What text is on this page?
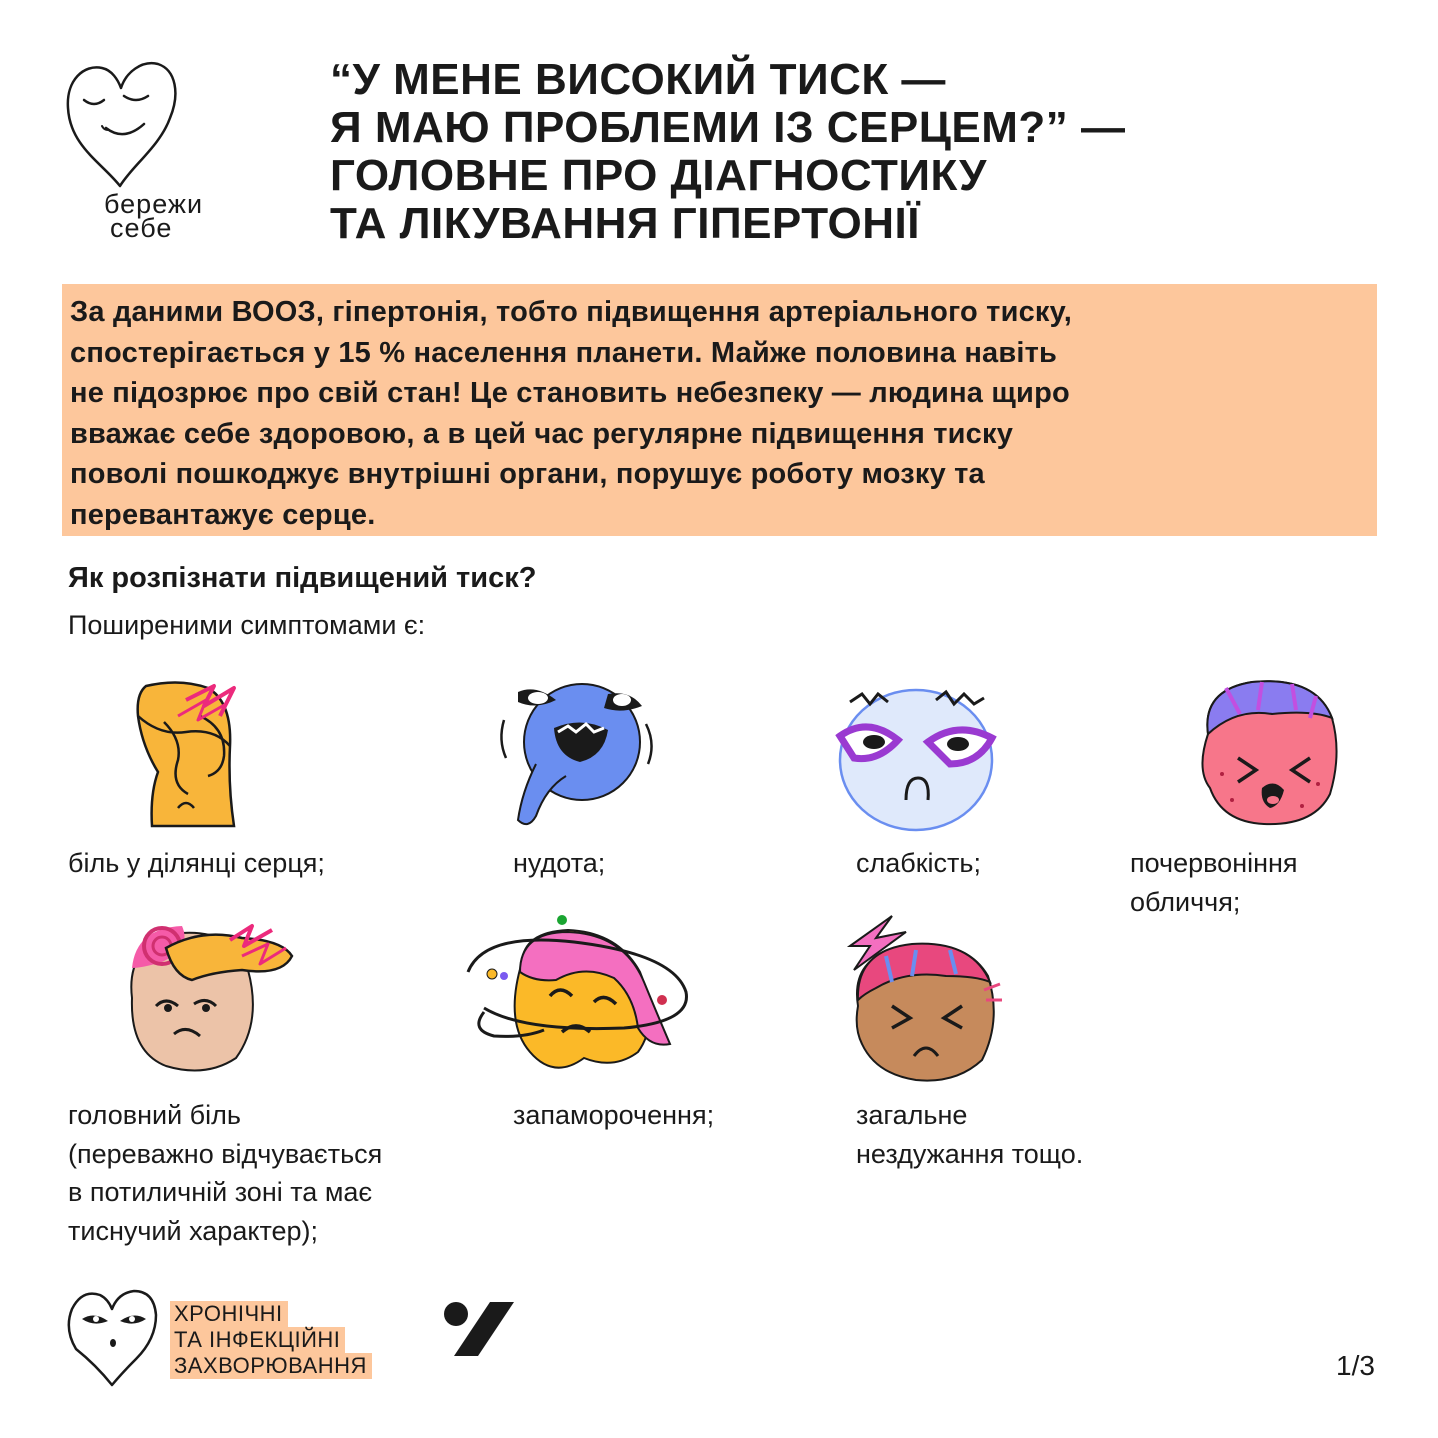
бережи
себе
“У МЕНЕ ВИСОКИЙ ТИСК —
Я МАЮ ПРОБЛЕМИ ІЗ СЕРЦЕМ?” —
ГОЛОВНЕ ПРО ДІАГНОСТИКУ
ТА ЛІКУВАННЯ ГІПЕРТОНІЇ
За даними ВООЗ, гіпертонія, тобто підвищення артеріального тиску,
спостерігається у 15 % населення планети. Майже половина навіть
не підозрює про свій стан! Це становить небезпеку — людина щиро
вважає себе здоровою, а в цей час регулярне підвищення тиску
поволі пошкоджує внутрішні органи, порушує роботу мозку та
перевантажує серце.
Як розпізнати підвищений тиск?
Поширеними симптомами є:
біль у ділянці серця;	нудота;	слабкість;	почервоніння
обличчя;
головний біль
(переважно відчувається
в потиличній зоні та має
тиснучий характер);
запаморочення;	загальне
нездужання тощо.
ХРОНІЧНІ
ТА ІНФЕКЦІЙНІ
ЗАХВОРЮВАННЯ	1/3
